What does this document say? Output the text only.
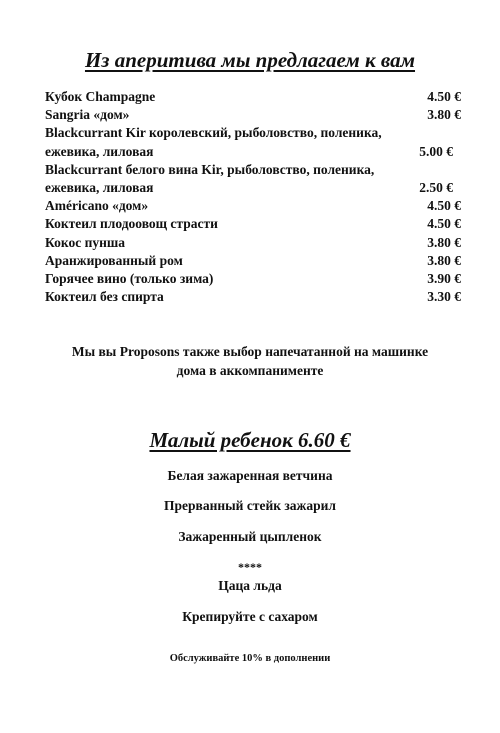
Из аперитива мы предлагаем к вам
Кубок Champagne	4.50 €
Sangria «дом»	3.80 €
Blackcurrant Kir королевский, рыболовство, поленика, ежевика, лиловая	5.00 €
Blackcurrant белого вина Kir, рыболовство, поленика, ежевика, лиловая	2.50 €
Américano «дом»	4.50 €
Коктеил плодоовощ страсти	4.50 €
Кокос пунша	3.80 €
Аранжированный ром	3.80 €
Горячее вино (только зима)	3.90 €
Коктеил без спирта	3.30 €
Мы вы Proposons также выбор напечатанной на машинке
дома в аккомпанименте
Малый ребенок 6.60 €
Белая зажаренная ветчина
Прерванный стейк зажарил
Зажаренный цыпленок
****
Цаца льда
Крепируйте с сахаром
Обслуживайте 10% в дополнении
